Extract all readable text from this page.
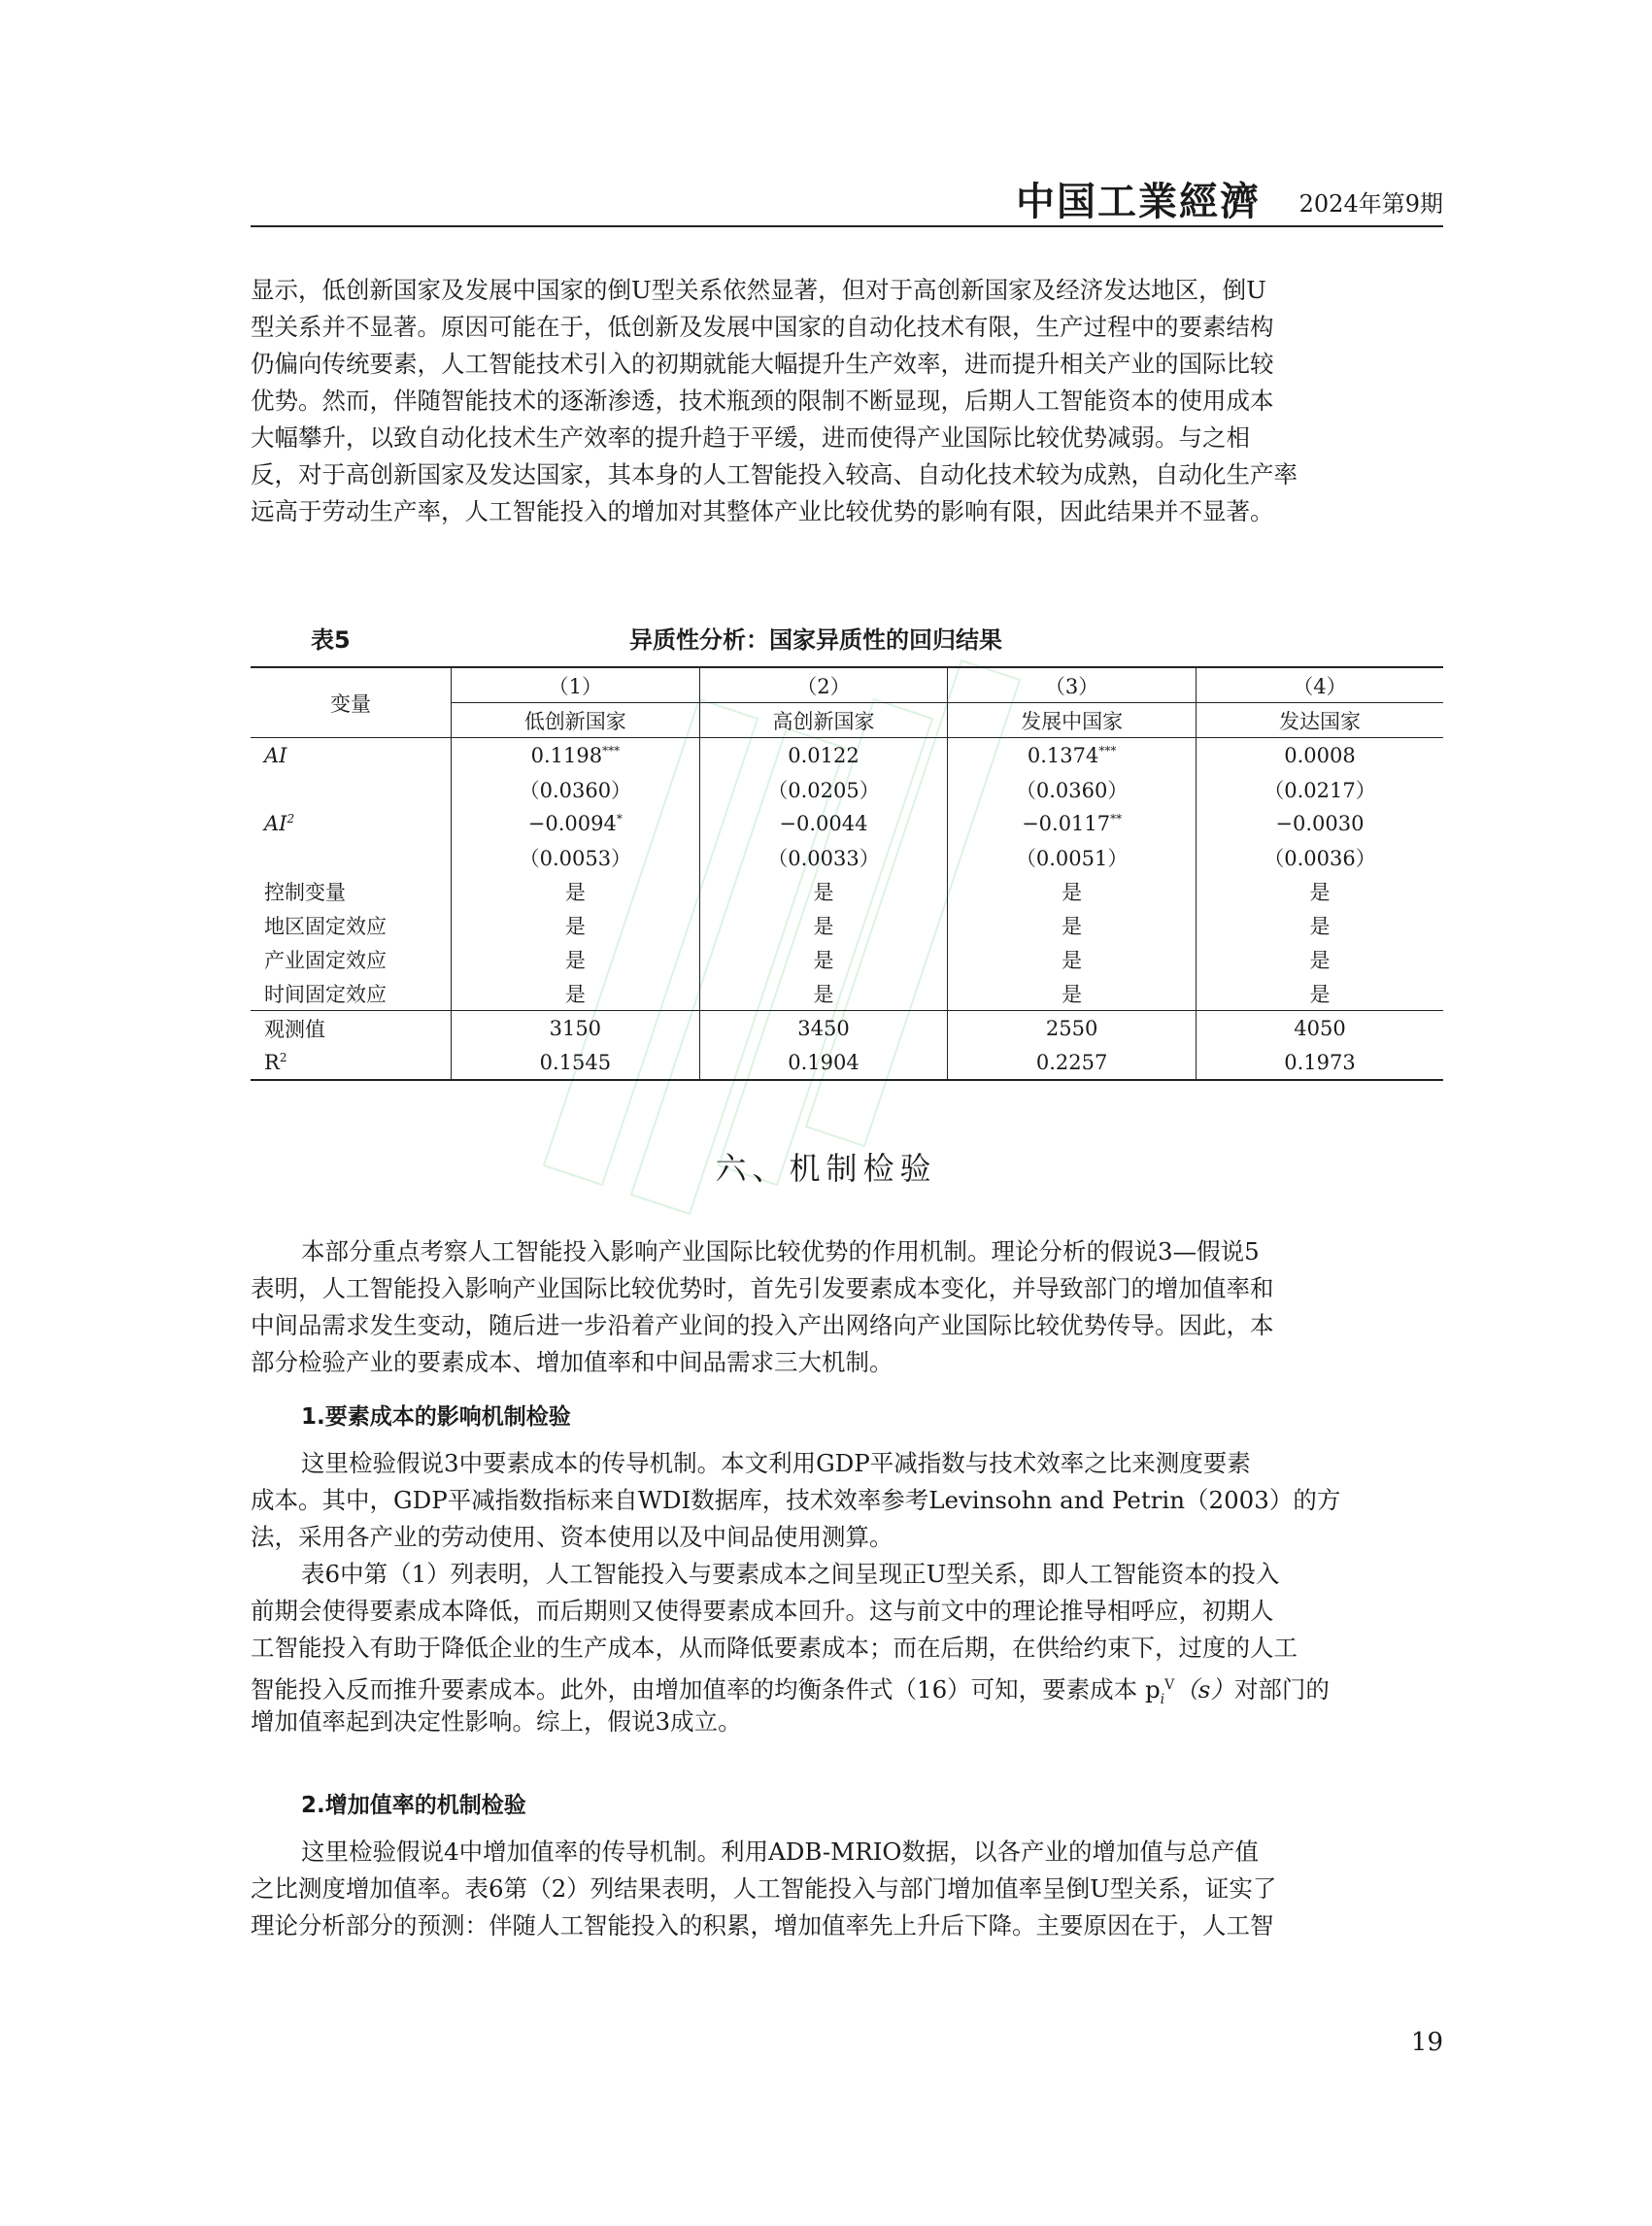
中国工業經濟 2024年第9期
显示，低创新国家及发展中国家的倒U型关系依然显著，但对于高创新国家及经济发达地区，倒U
型关系并不显著。原因可能在于，低创新及发展中国家的自动化技术有限，生产过程中的要素结构
仍偏向传统要素，人工智能技术引入的初期就能大幅提升生产效率，进而提升相关产业的国际比较
优势。然而，伴随智能技术的逐渐渗透，技术瓶颈的限制不断显现，后期人工智能资本的使用成本
大幅攀升，以致自动化技术生产效率的提升趋于平缓，进而使得产业国际比较优势减弱。与之相
反，对于高创新国家及发达国家，其本身的人工智能投入较高、自动化技术较为成熟，自动化生产率
远高于劳动生产率，人工智能投入的增加对其整体产业比较优势的影响有限，因此结果并不显著。
表5	异质性分析：国家异质性的回归结果
变量	（1）	（2）	（3）	（4）
	低创新国家	高创新国家	发展中国家	发达国家
AI	0.1198***	0.0122	0.1374***	0.0008
	（0.0360）	（0.0205）	（0.0360）	（0.0217）
$AI^2$	−0.0094*	−0.0044	−0.0117**	−0.0030
	（0.0053）	（0.0033）	（0.0051）	（0.0036）
控制变量	是	是	是	是
地区固定效应	是	是	是	是
产业固定效应	是	是	是	是
时间固定效应	是	是	是	是
观测值	3150	3450	2550	4050
$R^2$	0.1545	0.1904	0.2257	0.1973
六、机制检验
本部分重点考察人工智能投入影响产业国际比较优势的作用机制。理论分析的假说3—假说5
表明，人工智能投入影响产业国际比较优势时，首先引发要素成本变化，并导致部门的增加值率和
中间品需求发生变动，随后进一步沿着产业间的投入产出网络向产业国际比较优势传导。因此，本
部分检验产业的要素成本、增加值率和中间品需求三大机制。
1.要素成本的影响机制检验
这里检验假说3中要素成本的传导机制。本文利用GDP平减指数与技术效率之比来测度要素
成本。其中，GDP平减指数指标来自WDI数据库，技术效率参考Levinsohn and Petrin（2003）的方
法，采用各产业的劳动使用、资本使用以及中间品使用测算。
表6中第（1）列表明，人工智能投入与要素成本之间呈现正U型关系，即人工智能资本的投入
前期会使得要素成本降低，而后期则又使得要素成本回升。这与前文中的理论推导相呼应，初期人
工智能投入有助于降低企业的生产成本，从而降低要素成本；而在后期，在供给约束下，过度的人工
智能投入反而推升要素成本。此外，由增加值率的均衡条件式（16）可知，要素成本 $p_i^V(s)$对部门的
增加值率起到决定性影响。综上，假说3成立。
2.增加值率的机制检验
这里检验假说4中增加值率的传导机制。利用ADB-MRIO数据，以各产业的增加值与总产值
之比测度增加值率。表6第（2）列结果表明，人工智能投入与部门增加值率呈倒U型关系，证实了
理论分析部分的预测：伴随人工智能投入的积累，增加值率先上升后下降。主要原因在于，人工智
19
